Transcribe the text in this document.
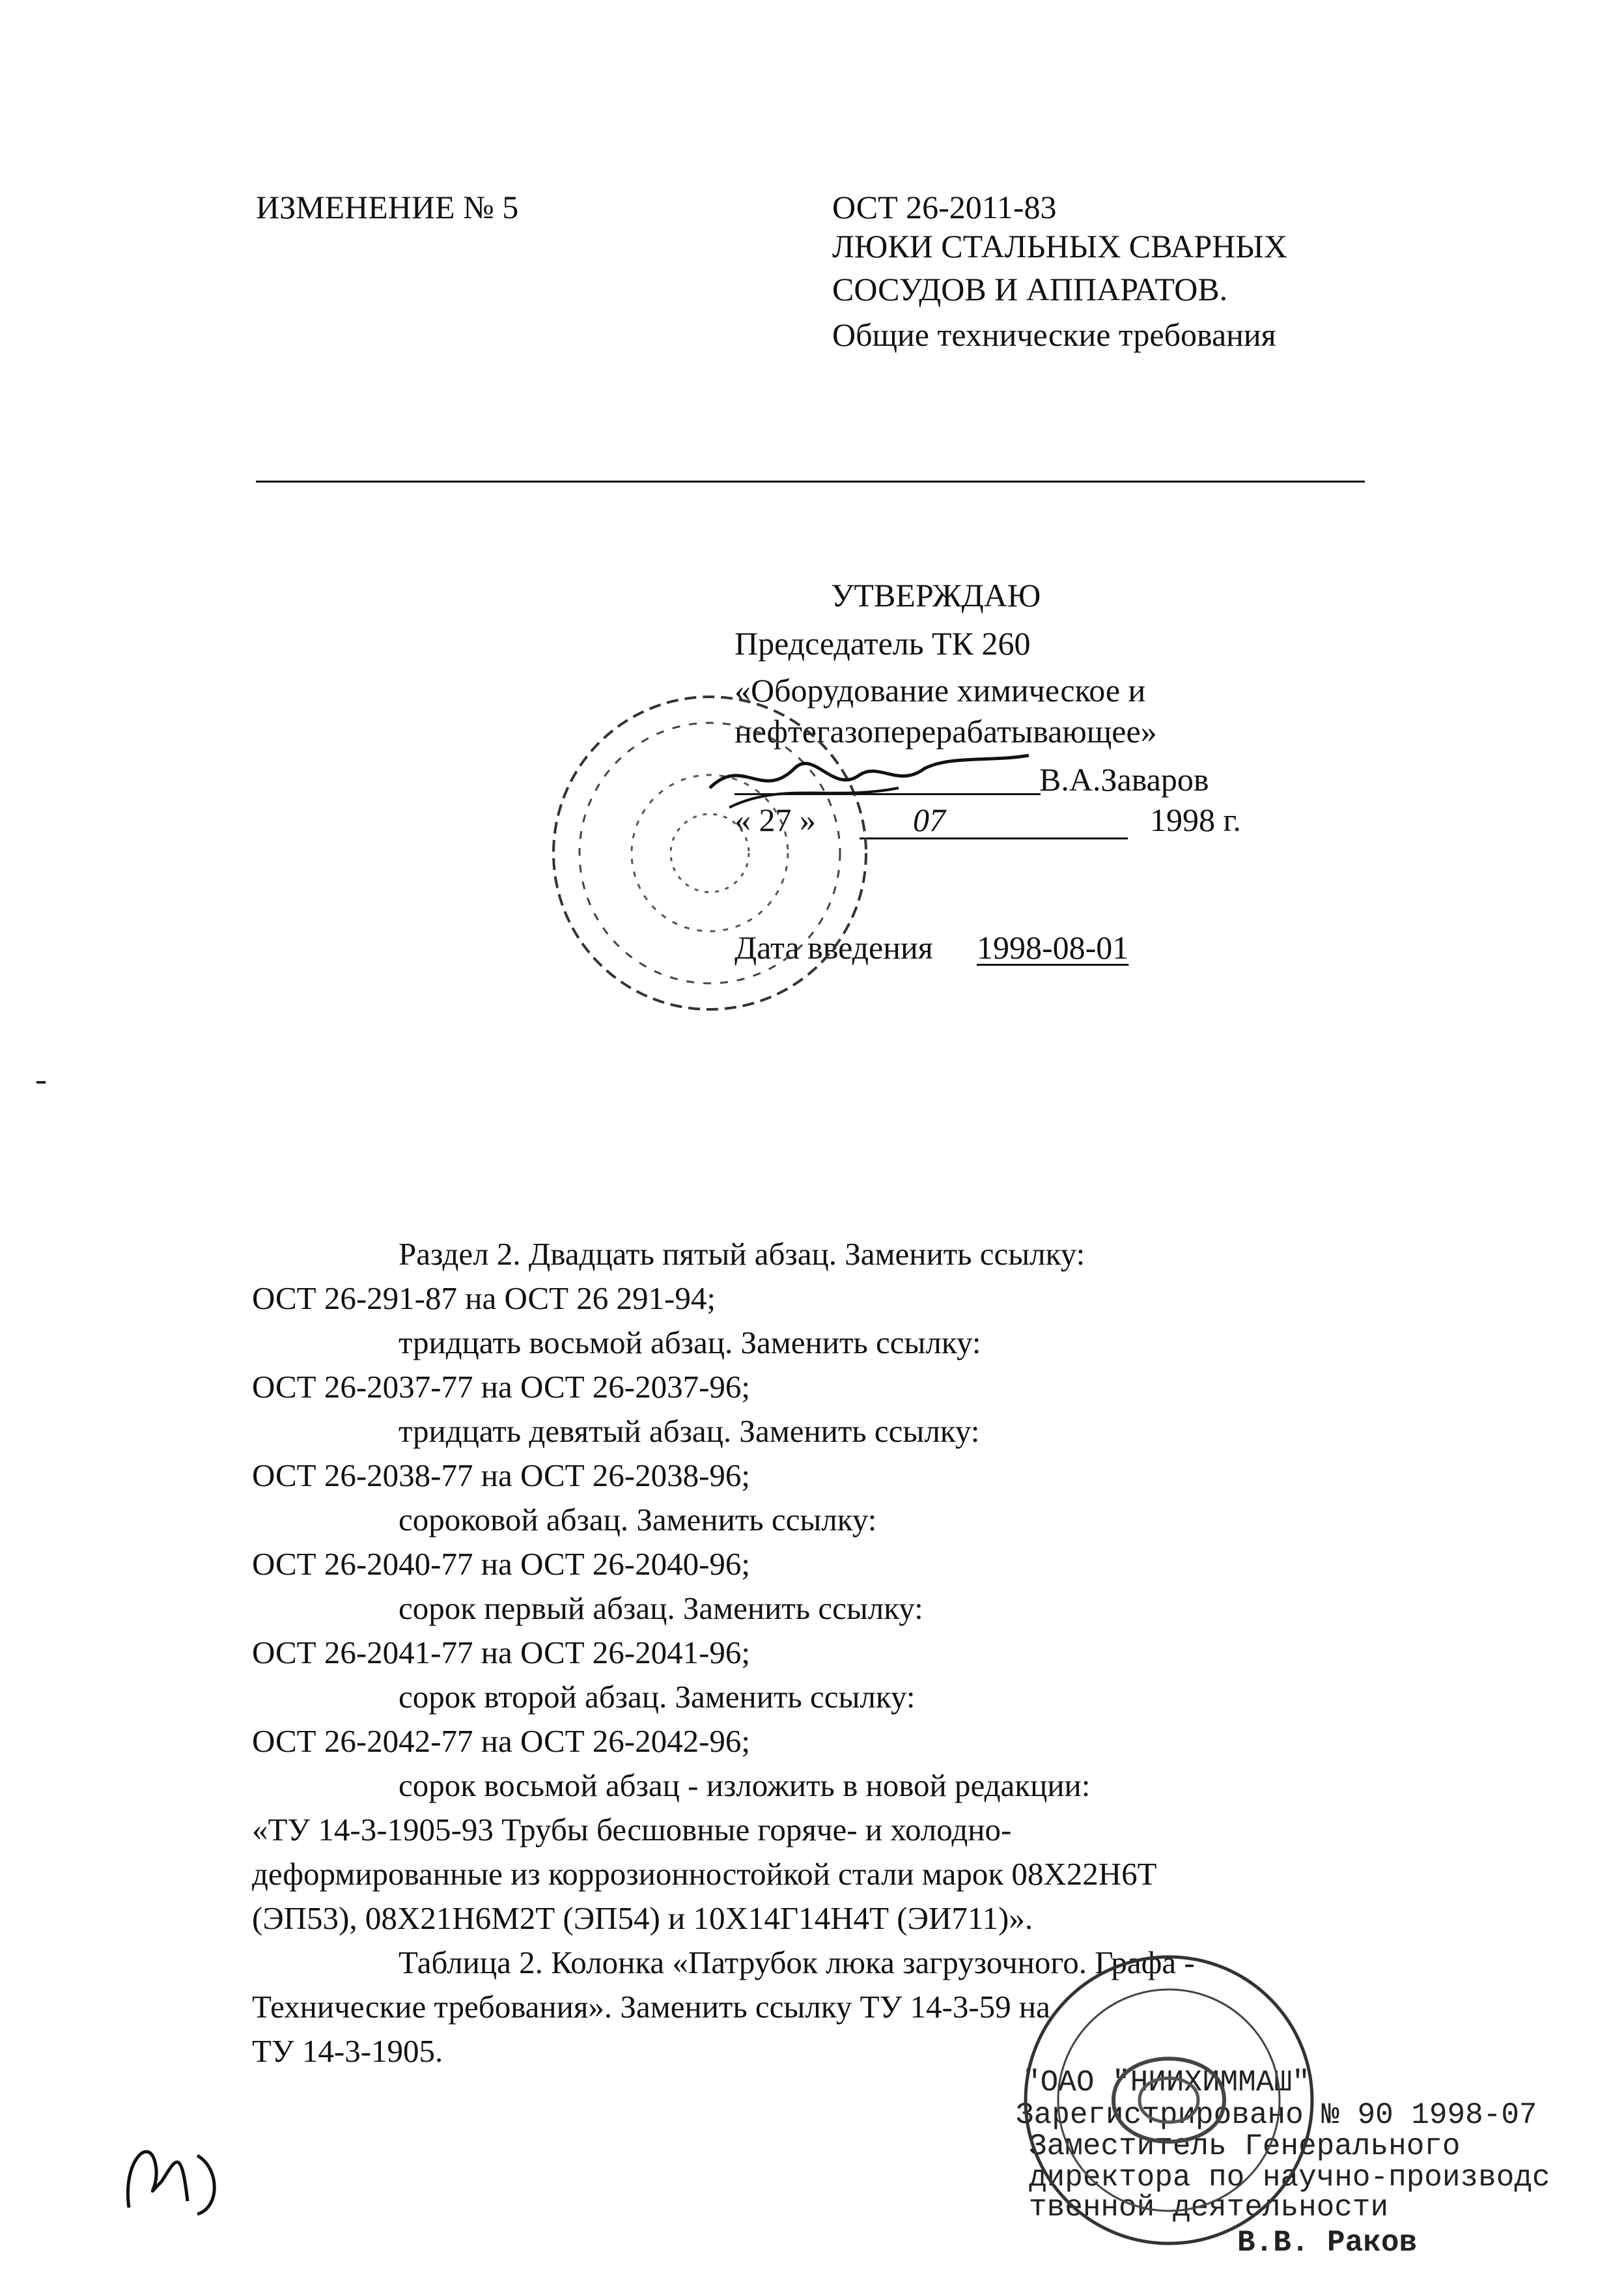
ИЗМЕНЕНИЕ № 5	ОСТ 26-2011-83
ЛЮКИ СТАЛЬНЫХ СВАРНЫХ
СОСУДОВ И АППАРАТОВ.
Общие технические требования
УТВЕРЖДАЮ
Председатель ТК 260
«Оборудование химическое и
нефтегазоперерабатывающее»
В.А.Заваров
« 27 »	07	1998 г.
Дата введения 1998-08-01
Раздел 2. Двадцать пятый абзац. Заменить ссылку:
ОСТ 26-291-87 на ОСТ 26 291-94;
тридцать восьмой абзац. Заменить ссылку:
ОСТ 26-2037-77 на ОСТ 26-2037-96;
тридцать девятый абзац. Заменить ссылку:
ОСТ 26-2038-77 на ОСТ 26-2038-96;
сороковой абзац. Заменить ссылку:
ОСТ 26-2040-77 на ОСТ 26-2040-96;
сорок первый абзац. Заменить ссылку:
ОСТ 26-2041-77 на ОСТ 26-2041-96;
сорок второй абзац. Заменить ссылку:
ОСТ 26-2042-77 на ОСТ 26-2042-96;
сорок восьмой абзац - изложить в новой редакции:
«ТУ 14-3-1905-93 Трубы бесшовные горяче- и холодно-
деформированные из коррозионностойкой стали марок 08Х22Н6Т
(ЭП53), 08Х21Н6М2Т (ЭП54) и 10Х14Г14Н4Т (ЭИ711)».
Таблица 2. Колонка «Патрубок люка загрузочного. Графа -
Технические требования». Заменить ссылку ТУ 14-3-59 на
ТУ 14-3-1905.
"ОАО "НИИХИММАШ"
Зарегистрировано № 90 1998-07
Заместитель Генерального
директора по научно-производс
твенной деятельности
В.В. Раков
